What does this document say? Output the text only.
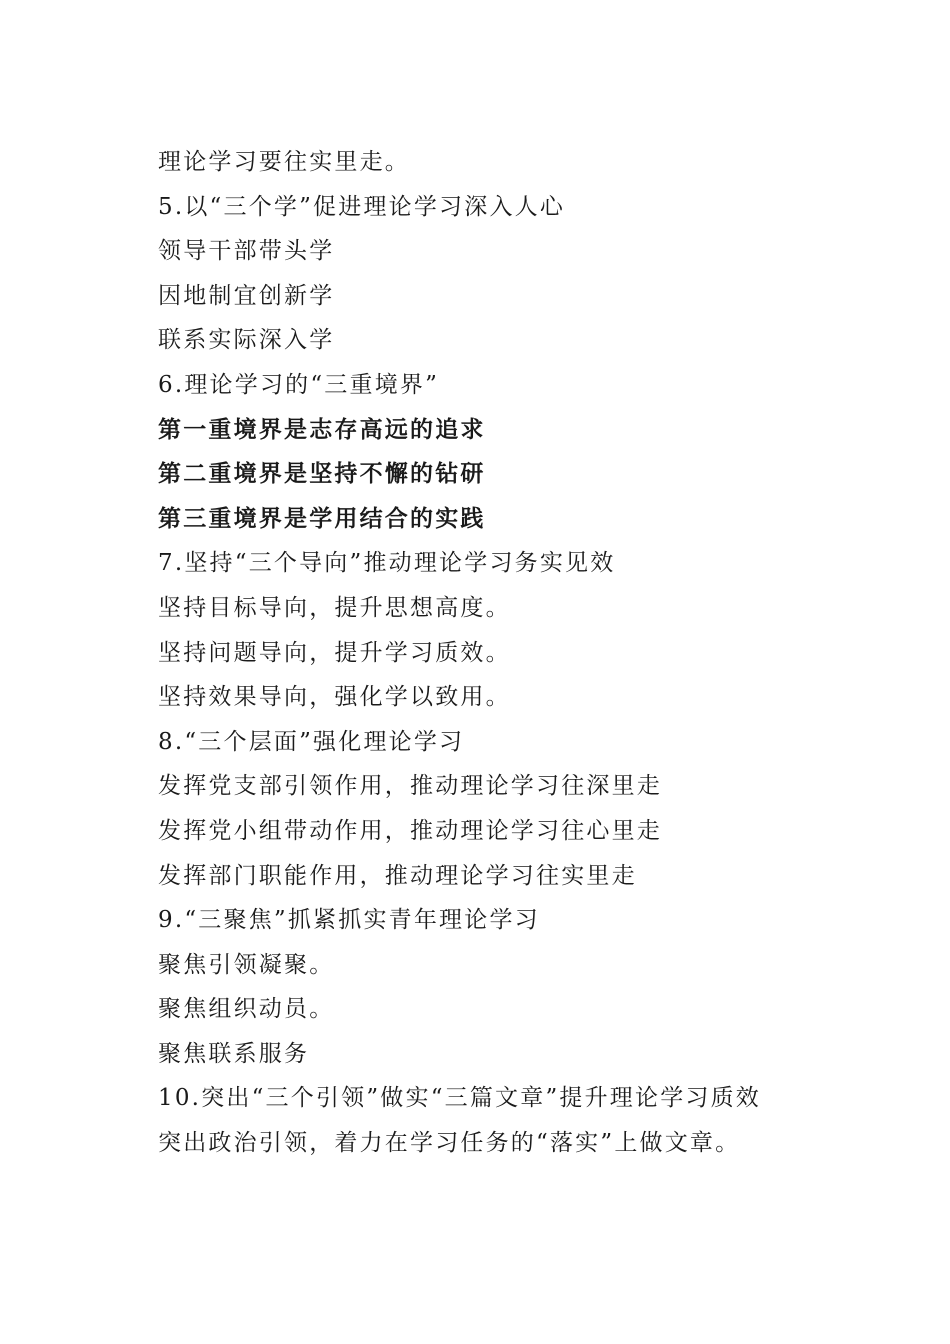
理论学习要往实里走。
5.以“三个学”促进理论学习深入人心
领导干部带头学
因地制宜创新学
联系实际深入学
6.理论学习的“三重境界”
第一重境界是志存高远的追求
第二重境界是坚持不懈的钻研
第三重境界是学用结合的实践
7.坚持“三个导向”推动理论学习务实见效
坚持目标导向，提升思想高度。
坚持问题导向，提升学习质效。
坚持效果导向，强化学以致用。
8.“三个层面”强化理论学习
发挥党支部引领作用，推动理论学习往深里走
发挥党小组带动作用，推动理论学习往心里走
发挥部门职能作用，推动理论学习往实里走
9.“三聚焦”抓紧抓实青年理论学习
聚焦引领凝聚。
聚焦组织动员。
聚焦联系服务
10.突出“三个引领”做实“三篇文章”提升理论学习质效
突出政治引领，着力在学习任务的“落实”上做文章。
